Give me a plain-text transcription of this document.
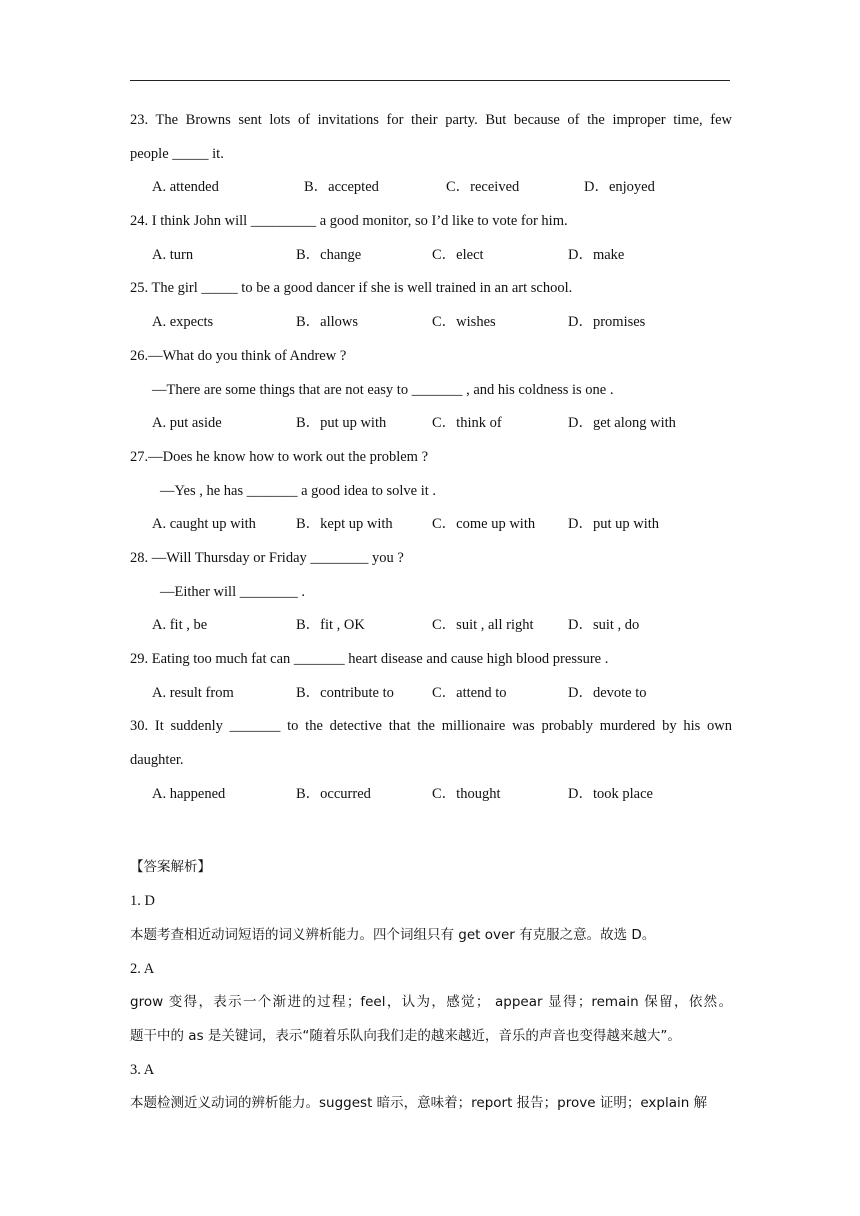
23. The Browns sent lots of invitations for their party. But because of the improper time, few
people _____ it.
A. attended	B．accepted	C．received	D．enjoyed
24. I think John will _________ a good monitor, so I’d like to vote for him.
A. turn	B．change	C．elect	D．make
25. The girl _____ to be a good dancer if she is well trained in an art school.
A. expects	B．allows	C．wishes	D．promises
26.—What do you think of Andrew ?
—There are some things that are not easy to _______ , and his coldness is one .
A. put aside	B．put up with	C．think of	D．get along with
27.—Does he know how to work out the problem ?
—Yes , he has _______ a good idea to solve it .
A. caught up with	B．kept up with	C．come up with D．put up with
28. —Will Thursday or Friday ________ you ?
—Either will ________ .
A. fit , be	B．fit , OK	C．suit , all right D．suit , do
29. Eating too much fat can _______ heart disease and cause high blood pressure .
A. result from	B．contribute to	C．attend to	D．devote to
30. It suddenly _______ to the detective that the millionaire was probably murdered by his own
daughter.
A. happened	B．occurred	C．thought	D．took place
【答案解析】
1. D
本题考查相近动词短语的词义辨析能力。四个词组只有 get over 有克服之意。故选 D。
2. A
grow 变得，表示一个渐进的过程；feel，认为，感觉； appear 显得；remain 保留，依然。
题干中的 as 是关键词，表示“随着乐队向我们走的越来越近，音乐的声音也变得越来越大”。
3. A
本题检测近义动词的辨析能力。suggest 暗示，意味着；report 报告；prove 证明；explain 解
